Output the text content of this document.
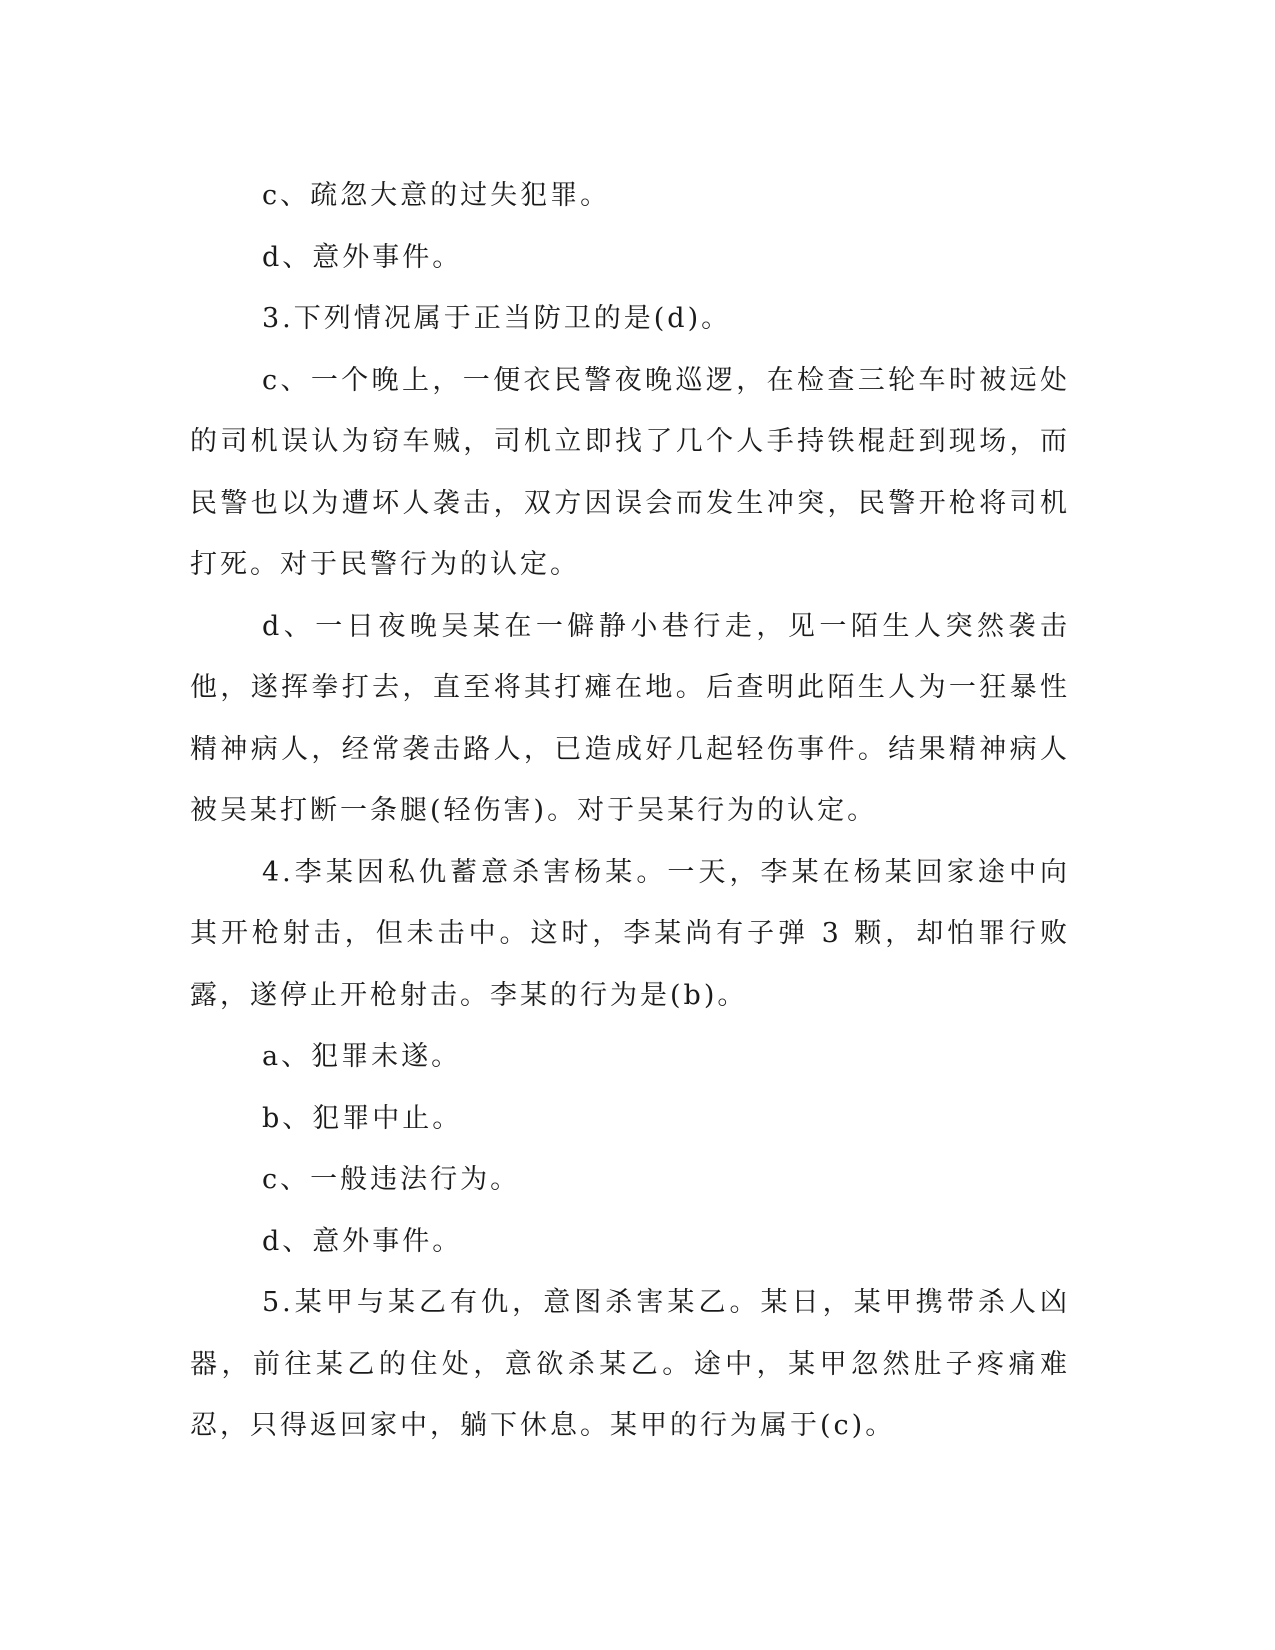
c、疏忽大意的过失犯罪。

d、意外事件。

3.下列情况属于正当防卫的是(d)。

c、一个晚上，一便衣民警夜晚巡逻，在检查三轮车时被远处的司机误认为窃车贼，司机立即找了几个人手持铁棍赶到现场，而民警也以为遭坏人袭击，双方因误会而发生冲突，民警开枪将司机打死。对于民警行为的认定。

d、一日夜晚吴某在一僻静小巷行走，见一陌生人突然袭击他，遂挥拳打去，直至将其打瘫在地。后查明此陌生人为一狂暴性精神病人，经常袭击路人，已造成好几起轻伤事件。结果精神病人被吴某打断一条腿(轻伤害)。对于吴某行为的认定。

4.李某因私仇蓄意杀害杨某。一天，李某在杨某回家途中向其开枪射击，但未击中。这时，李某尚有子弹 3 颗，却怕罪行败露，遂停止开枪射击。李某的行为是(b)。

a、犯罪未遂。

b、犯罪中止。

c、一般违法行为。

d、意外事件。

5.某甲与某乙有仇，意图杀害某乙。某日，某甲携带杀人凶器，前往某乙的住处，意欲杀某乙。途中，某甲忽然肚子疼痛难忍，只得返回家中，躺下休息。某甲的行为属于(c)。
